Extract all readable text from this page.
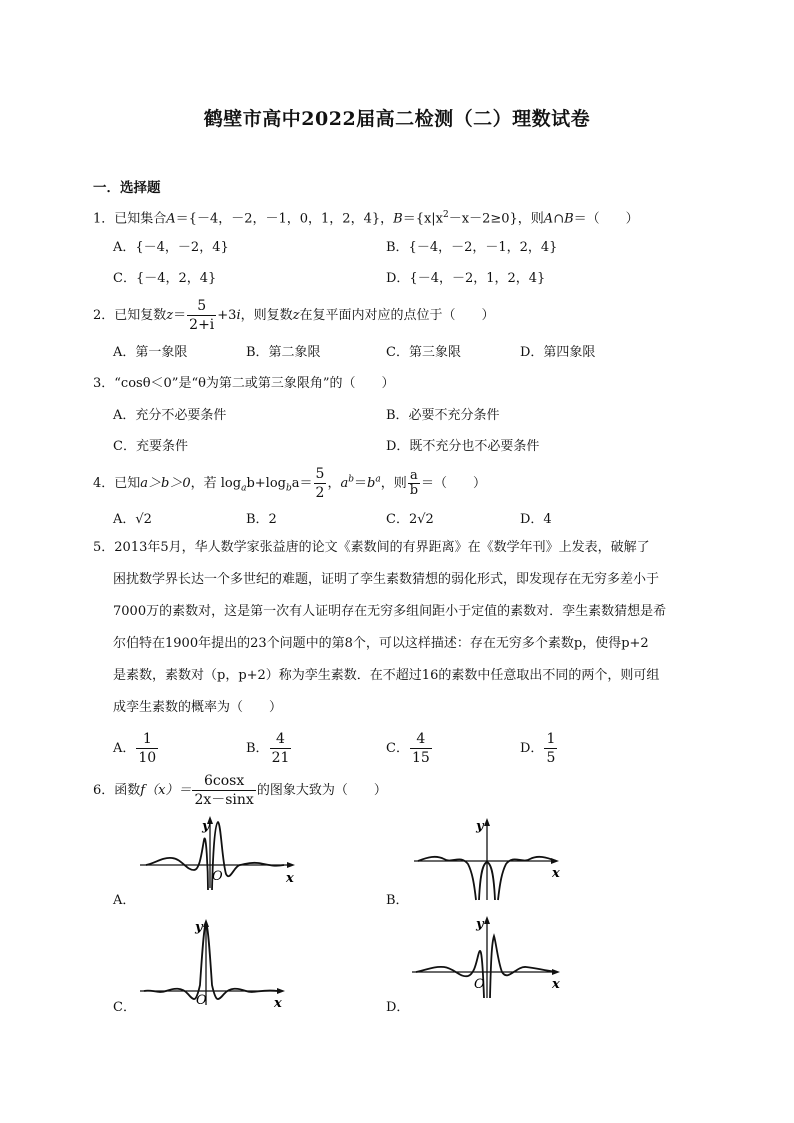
鹤壁市高中2022届高二检测（二）理数试卷
一．选择题
1．已知集合A＝{－4，－2，－1，0，1，2，4}，$B=\{x|x^2-x-2\ge 0\}$，则A∩B＝（　　）
A．{－4，－2，4}	B．{－4，－2，－1，2，4}
C．{－4，2，4}	D．{－4，－2，1，2，4}
2．已知复数$z= \frac{5}{2+i} +3i$，则复数z在复平面内对应的点位于（　　）
A．第一象限	B．第二象限	C．第三象限	D．第四象限
3．“cosθ＜0”是“θ为第二或第三象限角”的（　　）
A．充分不必要条件	B．必要不充分条件
C．充要条件	D．既不充分也不必要条件
4．已知a＞b＞0，若 $\log_ab+\log_ba= \frac{5}{2}$ ，$a^b=b^a$，则 $\frac{a}{b}$ ＝（　　）
A．√2	B．2	C．2√2	D．4
5．2013年5月，华人数学家张益唐的论文《素数间的有界距离》在《数学年刊》上发表，破解了
困扰数学界长达一个多世纪的难题，证明了孪生素数猜想的弱化形式，即发现存在无穷多差小于
7000万的素数对，这是第一次有人证明存在无穷多组间距小于定值的素数对．孪生素数猜想是希
尔伯特在1900年提出的23个问题中的第8个，可以这样描述：存在无穷多个素数p，使得p+2
是素数，素数对（p，p+2）称为孪生素数．在不超过16的素数中任意取出不同的两个，则可组
成孪生素数的概率为（　　）
A． $\frac{1}{10}$	B． $\frac{4}{21}$	C． $\frac{4}{15}$	D． $\frac{1}{5}$
6．函数$f(x)= \frac{6\cos x}{2x-\sin x}$ 的图象大致为（　　）
A．	B．
C．	D．
y
x
O
y
x
y
x
O
y
x
O
